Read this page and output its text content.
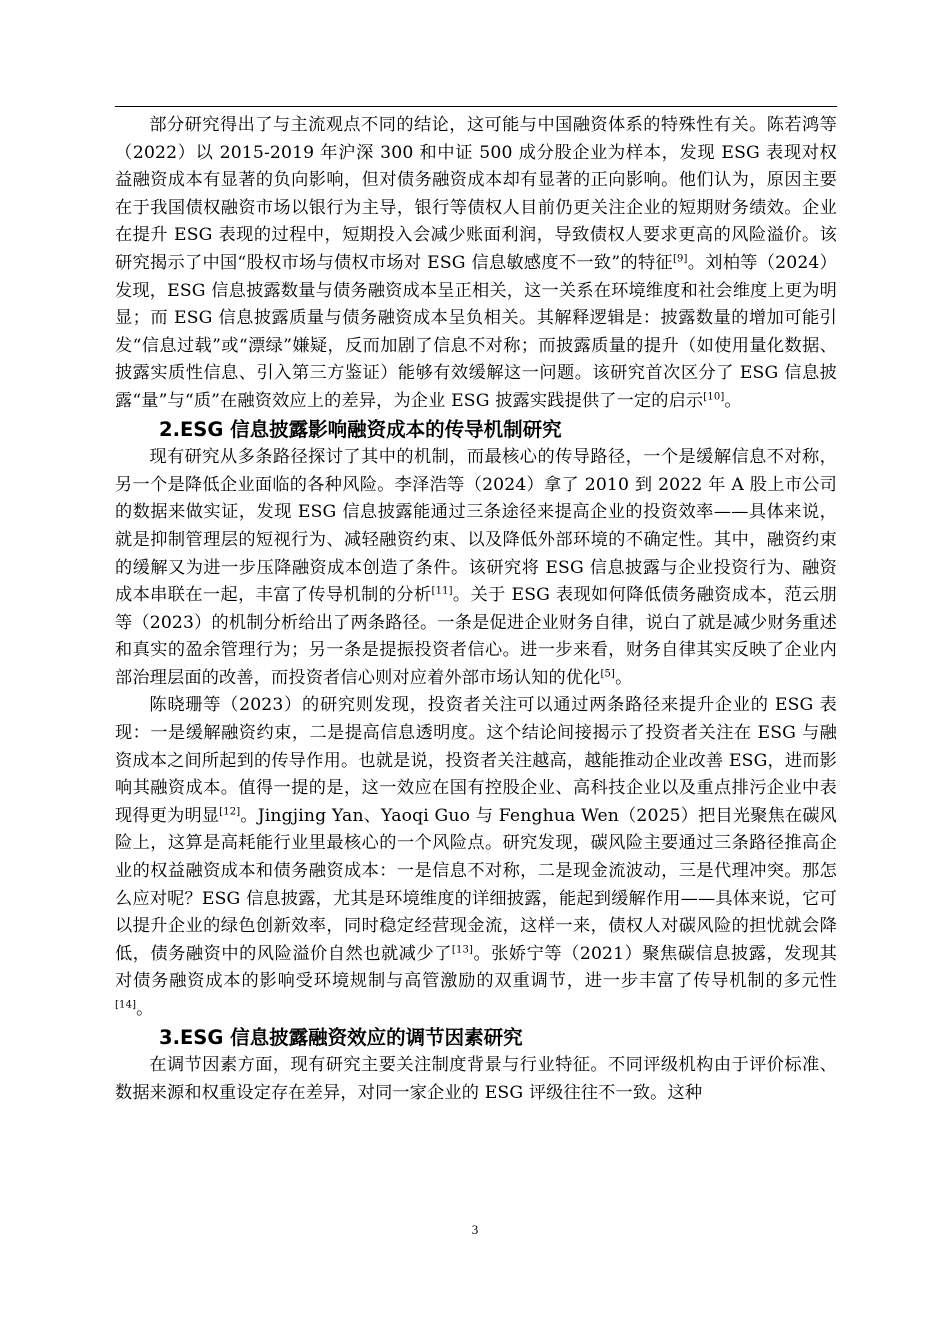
部分研究得出了与主流观点不同的结论，这可能与中国融资体系的特殊性有关。陈若鸿等（2022）以 2015-2019 年沪深 300 和中证 500 成分股企业为样本，发现 ESG 表现对权益融资成本有显著的负向影响，但对债务融资成本却有显著的正向影响。他们认为，原因主要在于我国债权融资市场以银行为主导，银行等债权人目前仍更关注企业的短期财务绩效。企业在提升 ESG 表现的过程中，短期投入会减少账面利润，导致债权人要求更高的风险溢价。该研究揭示了中国“股权市场与债权市场对 ESG 信息敏感度不一致”的特征[9]。刘柏等（2024）发现，ESG 信息披露数量与债务融资成本呈正相关，这一关系在环境维度和社会维度上更为明显；而 ESG 信息披露质量与债务融资成本呈负相关。其解释逻辑是：披露数量的增加可能引发“信息过载”或“漂绿”嫌疑，反而加剧了信息不对称；而披露质量的提升（如使用量化数据、披露实质性信息、引入第三方鉴证）能够有效缓解这一问题。该研究首次区分了 ESG 信息披露“量”与“质”在融资效应上的差异，为企业 ESG 披露实践提供了一定的启示[10]。

2.ESG 信息披露影响融资成本的传导机制研究

现有研究从多条路径探讨了其中的机制，而最核心的传导路径，一个是缓解信息不对称，另一个是降低企业面临的各种风险。李泽浩等（2024）拿了 2010 到 2022 年 A 股上市公司的数据来做实证，发现 ESG 信息披露能通过三条途径来提高企业的投资效率——具体来说，就是抑制管理层的短视行为、减轻融资约束、以及降低外部环境的不确定性。其中，融资约束的缓解又为进一步压降融资成本创造了条件。该研究将 ESG 信息披露与企业投资行为、融资成本串联在一起，丰富了传导机制的分析[11]。关于 ESG 表现如何降低债务融资成本，范云朋等（2023）的机制分析给出了两条路径。一条是促进企业财务自律，说白了就是减少财务重述和真实的盈余管理行为；另一条是提振投资者信心。进一步来看，财务自律其实反映了企业内部治理层面的改善，而投资者信心则对应着外部市场认知的优化[5]。

陈晓珊等（2023）的研究则发现，投资者关注可以通过两条路径来提升企业的 ESG 表现：一是缓解融资约束，二是提高信息透明度。这个结论间接揭示了投资者关注在 ESG 与融资成本之间所起到的传导作用。也就是说，投资者关注越高，越能推动企业改善 ESG，进而影响其融资成本。值得一提的是，这一效应在国有控股企业、高科技企业以及重点排污企业中表现得更为明显[12]。Jingjing Yan、Yaoqi Guo 与 Fenghua Wen（2025）把目光聚焦在碳风险上，这算是高耗能行业里最核心的一个风险点。研究发现，碳风险主要通过三条路径推高企业的权益融资成本和债务融资成本：一是信息不对称，二是现金流波动，三是代理冲突。那怎么应对呢？ESG 信息披露，尤其是环境维度的详细披露，能起到缓解作用——具体来说，它可以提升企业的绿色创新效率，同时稳定经营现金流，这样一来，债权人对碳风险的担忧就会降低，债务融资中的风险溢价自然也就减少了[13]。张娇宁等（2021）聚焦碳信息披露，发现其对债务融资成本的影响受环境规制与高管激励的双重调节，进一步丰富了传导机制的多元性[14]。

3.ESG 信息披露融资效应的调节因素研究

在调节因素方面，现有研究主要关注制度背景与行业特征。不同评级机构由于评价标准、数据来源和权重设定存在差异，对同一家企业的 ESG 评级往往不一致。这种

3
